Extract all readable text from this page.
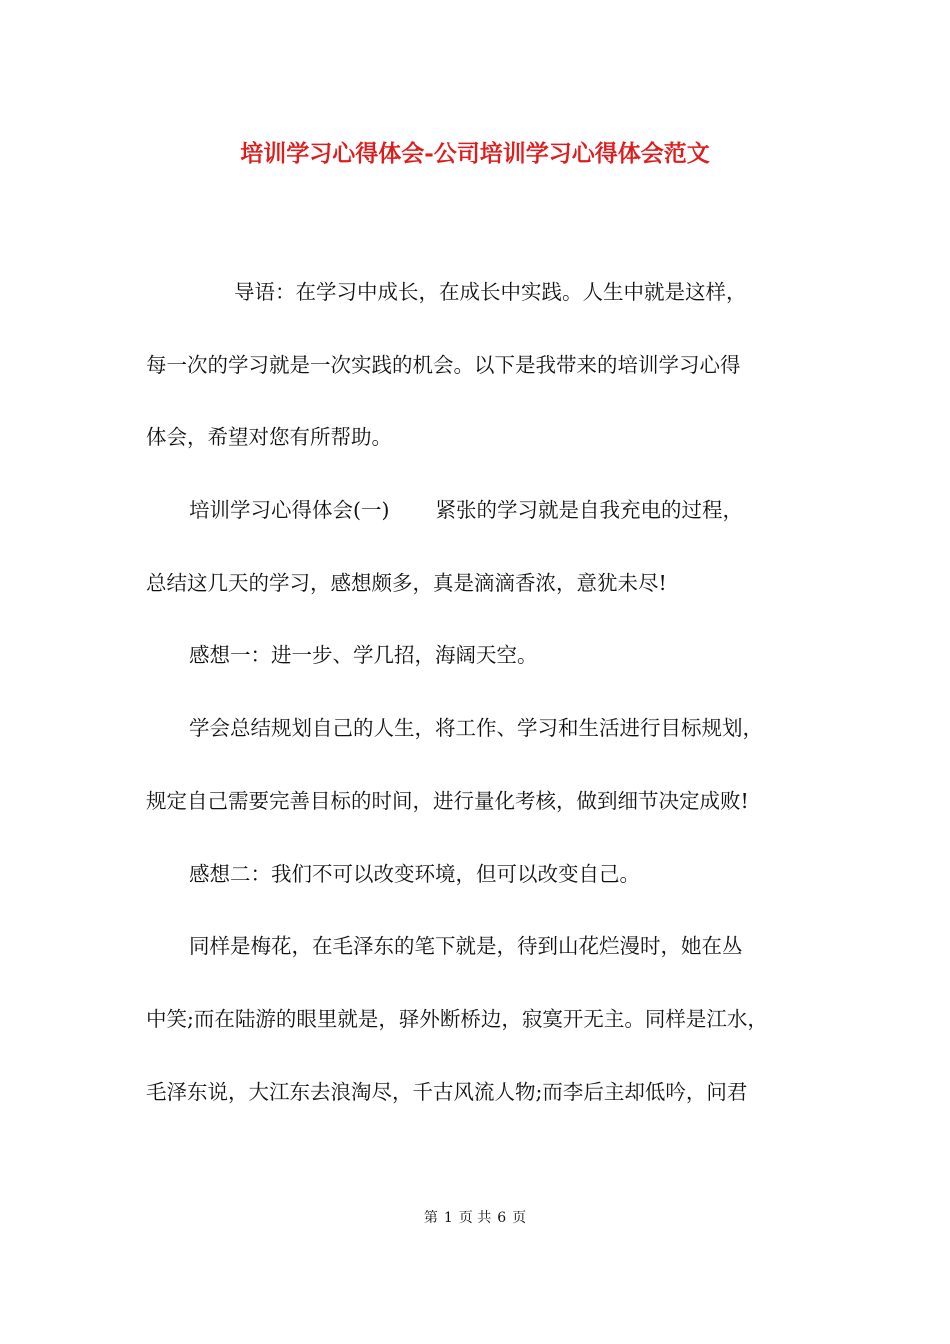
培训学习心得体会-公司培训学习心得体会范文
导语：在学习中成长，在成长中实践。人生中就是这样，
每一次的学习就是一次实践的机会。以下是我带来的培训学习心得
体会，希望对您有所帮助。
培训学习心得体会(一) 紧张的学习就是自我充电的过程，
总结这几天的学习，感想颇多，真是滴滴香浓，意犹未尽!
感想一：进一步、学几招，海阔天空。
学会总结规划自己的人生，将工作、学习和生活进行目标规划，
规定自己需要完善目标的时间，进行量化考核，做到细节决定成败!
感想二：我们不可以改变环境，但可以改变自己。
同样是梅花，在毛泽东的笔下就是，待到山花烂漫时，她在丛
中笑;而在陆游的眼里就是，驿外断桥边，寂寞开无主。同样是江水，
毛泽东说，大江东去浪淘尽，千古风流人物;而李后主却低吟，问君
第 1 页 共 6 页
